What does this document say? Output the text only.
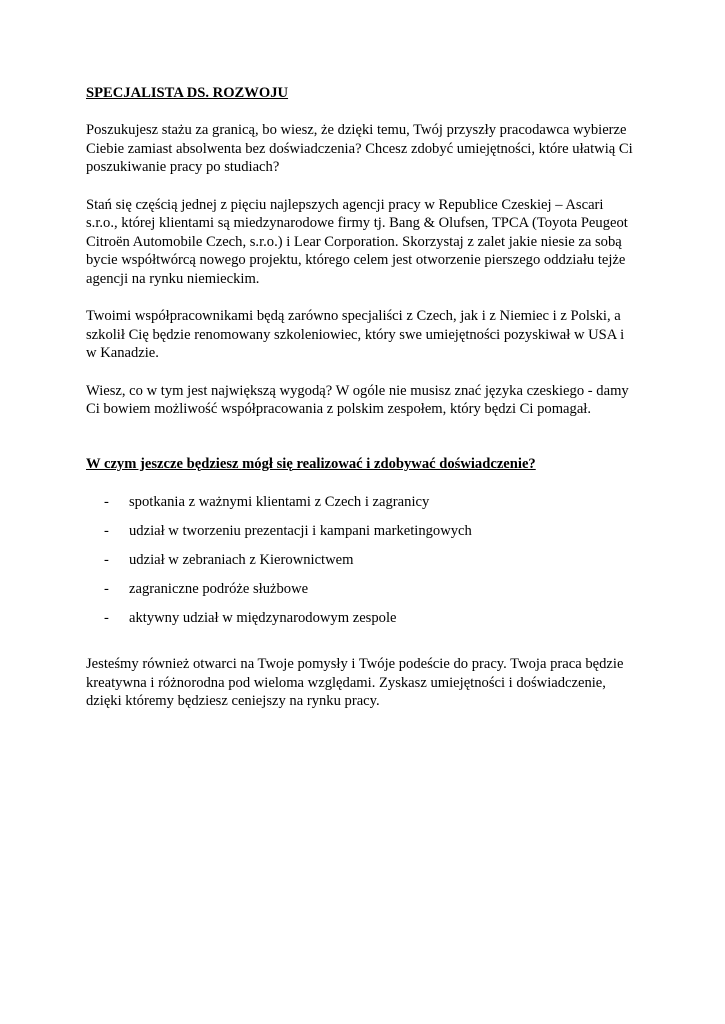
SPECJALISTA DS. ROZWOJU

Poszukujesz stażu za granicą, bo wiesz, że dzięki temu, Twój przyszły pracodawca wybierze
Ciebie zamiast absolwenta bez doświadczenia? Chcesz zdobyć umiejętności, które ułatwią Ci
poszukiwanie pracy po studiach?

Stań się częścią jednej z pięciu najlepszych agencji pracy w Republice Czeskiej – Ascari
s.r.o., której klientami są miedzynarodowe firmy tj. Bang & Olufsen, TPCA (Toyota Peugeot
Citroën Automobile Czech, s.r.o.) i Lear Corporation. Skorzystaj z zalet jakie niesie za sobą
bycie współtwórcą nowego projektu, którego celem jest otworzenie pierszego oddziału tejże
agencji na rynku niemieckim.

Twoimi współpracownikami będą zarówno specjaliści z Czech, jak i z Niemiec i z Polski, a
szkolił Cię będzie renomowany szkoleniowiec, który swe umiejętności pozyskiwał w USA i
w Kanadzie.

Wiesz, co w tym jest największą wygodą? W ogóle nie musisz znać języka czeskiego - damy
Ci bowiem możliwość współpracowania z polskim zespołem, który będzi Ci pomagał.

W czym jeszcze będziesz mógł się realizować i zdobywać doświadczenie?

- spotkania z ważnymi klientami z Czech i zagranicy
- udział w tworzeniu prezentacji i kampani marketingowych
- udział w zebraniach z Kierownictwem
- zagraniczne podróże służbowe
- aktywny udział w międzynarodowym zespole

Jesteśmy również otwarci na Twoje pomysły i Twóje podeście do pracy. Twoja praca będzie
kreatywna i różnorodna pod wieloma względami. Zyskasz umiejętności i doświadczenie,
dzięki któremy będziesz ceniejszy na rynku pracy.
